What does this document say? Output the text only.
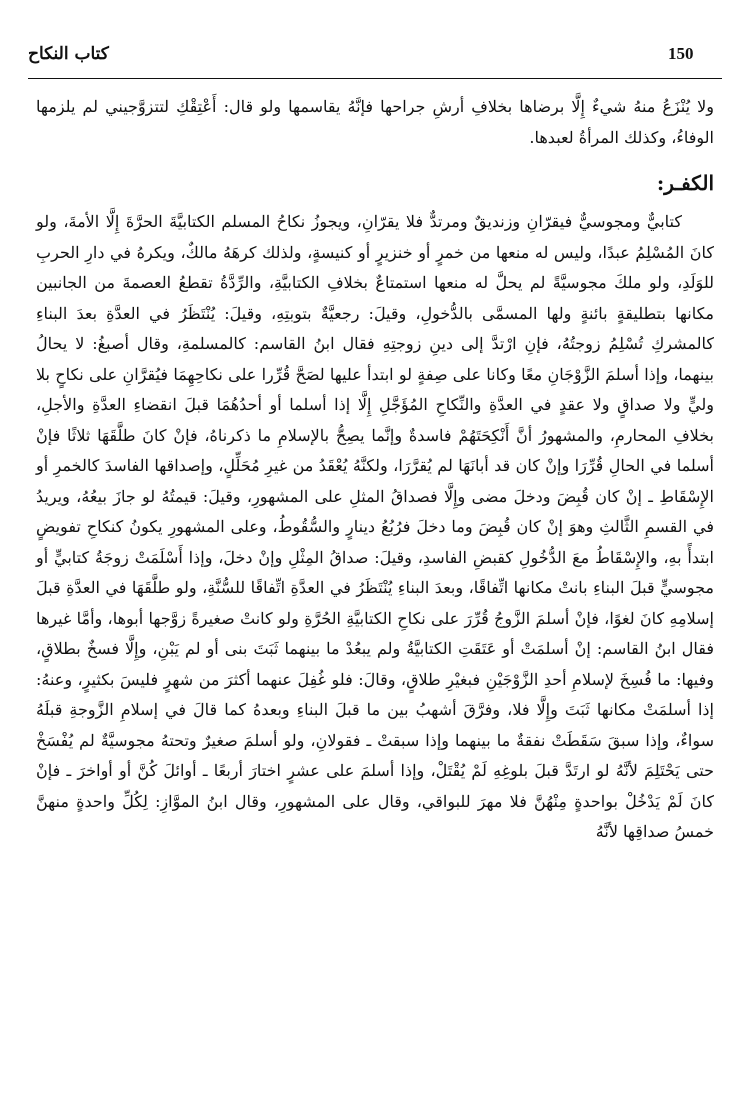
150
كتاب النكاح

ولا يُنْزَعُ منهُ شيءٌ إِلَّا برضاها بخلافِ أرشِ جراحها فإنَّهُ يقاسمها ولو قال: أَعْتِقْكِ لتتزوَّجيني لم يلزمها الوفاءُ، وكذلك المرأةُ لعبدها.

الكفـر:

كتابيٌّ ومجوسيٌّ فيقرّانِ وزنديقٌ ومرتدٌّ فلا يقرّانِ، ويجوزُ نكاحُ المسلم الكتابيَّةَ الحرَّةَ إِلَّا الأمةَ، ولو كانَ المُسْلِمُ عبدًا، وليس له منعها من خمرٍ أو خنزيرٍ أو كنيسةٍ، ولذلك كرهَهُ مالكٌ، ويكرهُ في دارِ الحربِ للوَلَدِ، ولو ملكَ مجوسيَّةً لم يحلَّ له منعها استمتاعٌ بخلافِ الكتابيَّةِ، والرِّدَّةُ تقطعُ العصمةَ من الجانبين مكانها بتطليقةٍ بائنةٍ ولها المسمَّى بالدُّخولِ، وقيلَ: رجعيَّةٌ بتوبتِهِ، وقيلَ: يُنْتَظَرُ في العدَّةِ بعدَ البناءِ كالمشركِ تُسْلِمُ زوجتُهُ، فإنِ ارْتدَّ إلى دينِ زوجتِهِ فقال ابنُ القاسم: كالمسلمةِ، وقال أصبغُ: لا يحالُ بينهما، وإذا أسلمَ الزَّوْجَانِ معًا وكانا على صِفةٍ لو ابتدأ عليها لصَحَّ قُرِّرا على نكاحِهِمَا فيُقرَّانِ على نكاحٍ بلا وليٍّ ولا صداقٍ ولا عقدٍ في العدَّةِ والنِّكاحِ المُؤَجَّلِ إِلَّا إذا أسلما أو أحدُهُمَا قبلَ انقضاءِ العدَّةِ والأجلِ، بخلافِ المحارمِ، والمشهورُ أنَّ أَنْكِحَتَهُمْ فاسدةٌ وإنَّما يصِحُّ بالإسلامِ ما ذكرناهُ، فإنْ كانَ طلَّقَهَا ثلاثًا فإنْ أسلما في الحالِ قُرِّرَا وإنْ كان قد أبانَهَا لم يُقرَّرَا، ولكنَّهُ يُعْقَدُ من غيرِ مُحَلِّلٍ، وإصداقها الفاسدَ كالخمرِ أو الإِسْقَاطِ ـ إنْ كان قُبِضَ ودخلَ مضى وإِلَّا فصداقُ المثلِ على المشهورِ، وقيلَ: قيمتُهُ لو جازَ بيعُهُ، ويريدُ في القسمِ الثَّالثِ وهوَ إنْ كان قُبِضَ وما دخلَ فرُبُعُ دينارٍ والسُّقُوطُ، وعلى المشهورِ يكونُ كنكاحِ تفويضٍ ابتدأً بهِ، والإِسْقَاطُ معَ الدُّخُولِ كقبضِ الفاسدِ، وقيلَ: صداقُ المِثْلِ وإنْ دخلَ، وإذا أَسْلَمَتْ زوجَةُ كتابيٍّ أو مجوسيٍّ قبلَ البناءِ بانتْ مكانها اتِّفاقًا، وبعدَ البناءِ يُنْتَظَرُ في العدَّةِ اتِّفاقًا للسُّنَّةِ، ولو طلَّقَهَا في العدَّةِ قبلَ إسلامِهِ كانَ لغوًا، فإنْ أسلمَ الزَّوجُ قُرِّرَ على نكاحِ الكتابيَّةِ الحُرَّةِ ولو كانتْ صغيرةً زوَّجها أبوها، وأمَّا غيرها فقال ابنُ القاسم: إنْ أسلمَتْ أو عَتَقَتِ الكتابيَّةُ ولم يبعُدْ ما بينهما ثَبَتَ بنى أو لم يَبْنِ، وإِلَّا فسخٌ بطلاقٍ، وفيها: ما فُسِخَ لإسلامِ أحدِ الزَّوْجَيْنِ فبغيْرِ طلاقٍ، وقالَ: فلو غُفِلَ عنهما أكثرَ من شهرٍ فليسَ بكثيرٍ، وعنهُ: إذا أسلمَتْ مكانها ثَبَتَ وإِلَّا فلا، وفرَّقَ أشهبُ بين ما قبلَ البناءِ وبعدهُ كما قالَ في إسلامِ الزَّوجةِ قبلَهُ سواءٌ، وإذا سبقَ سَقَطَتْ نفقةٌ ما بينهما وإذا سبقتْ ـ فقولانِ، ولو أسلمَ صغيرٌ وتحتهُ مجوسيَّةٌ لم يُفْسَخْ حتى يَحْتَلِمَ لأنَّهُ لو ارتَدَّ قبلَ بلوغِهِ لَمْ يُقْتَلْ، وإذا أسلمَ على عشرٍ اختارَ أربعًا ـ أوائلَ كُنَّ أو أواخرَ ـ فإنْ كانَ لَمْ يَدْخُلْ بواحدةٍ مِنْهُنَّ فلا مهرَ للبواقي، وقال على المشهورِ، وقال ابنُ الموَّازِ: لِكُلِّ واحدةٍ منهنَّ خمسُ صداقِها لأنَّهُ
